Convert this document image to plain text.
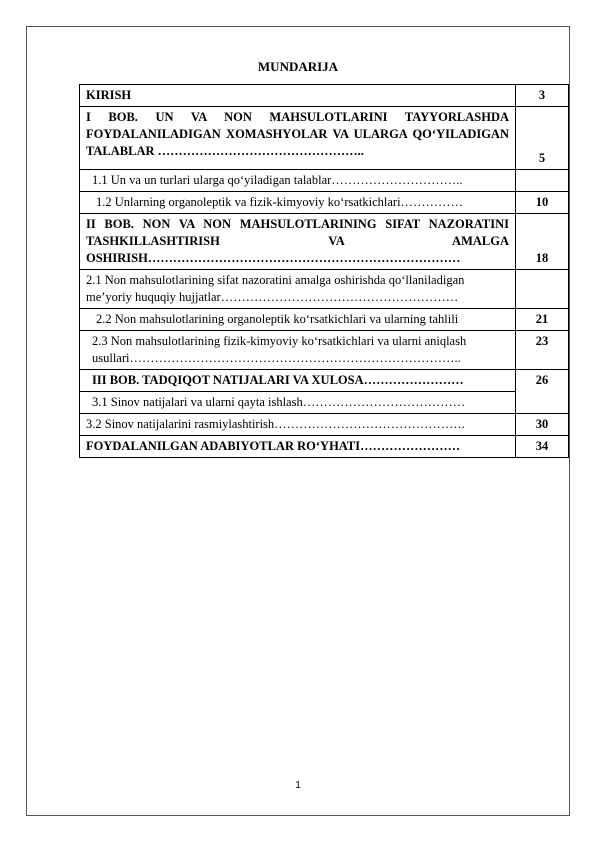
MUNDARIJA
KIRISH	3
I BOB. UN VA NON MAHSULOTLARINI TAYYORLASHDA FOYDALANILADIGAN XOMASHYOLAR VA ULARGA QO‘YILADIGAN TALABLAR …………………………………………..	5
1.1 Un va un turlari ularga qo‘yiladigan talablar…………………………..	
1.2 Unlarning organoleptik va fizik-kimyoviy ko‘rsatkichlari……………	10
II BOB. NON VA NON MAHSULOTLARINING SIFAT NAZORATINI TASHKILLASHTIRISH VA AMALGA OSHIRISH…………………………………………………………………	18
2.1 Non mahsulotlarining sifat nazoratini amalga oshirishda qo‘llaniladigan me’yoriy huquqiy hujjatlar…………………………………………………	
2.2 Non mahsulotlarining organoleptik ko‘rsatkichlari va ularning tahlili	21
2.3 Non mahsulotlarining fizik-kimyoviy ko‘rsatkichlari va ularni aniqlash usullari……………………………………………………………………..	23
III BOB. TADQIQOT NATIJALARI VA XULOSA……………………	26
3.1 Sinov natijalari va ularni qayta ishlash…………………………………	
3.2 Sinov natijalarini rasmiylashtirish……………………………………….	30
FOYDALANILGAN ADABIYOTLAR RO‘YHATI……………………	34
1
